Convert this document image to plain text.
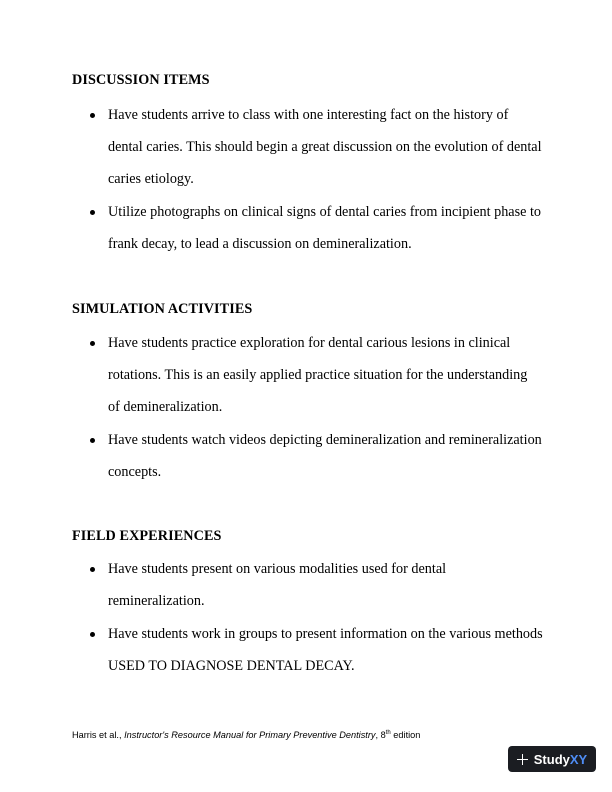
DISCUSSION ITEMS
Have students arrive to class with one interesting fact on the history of
dental caries. This should begin a great discussion on the evolution of dental
caries etiology.
Utilize photographs on clinical signs of dental caries from incipient phase to
frank decay, to lead a discussion on demineralization.
SIMULATION ACTIVITIES
Have students practice exploration for dental carious lesions in clinical
rotations. This is an easily applied practice situation for the understanding
of demineralization.
Have students watch videos depicting demineralization and remineralization
concepts.
FIELD EXPERIENCES
Have students present on various modalities used for dental
remineralization.
Have students work in groups to present information on the various methods
USED TO DIAGNOSE DENTAL DECAY.
Harris et al., Instructor's Resource Manual for Primary Preventive Dentistry, 8th edition
StudyXY
